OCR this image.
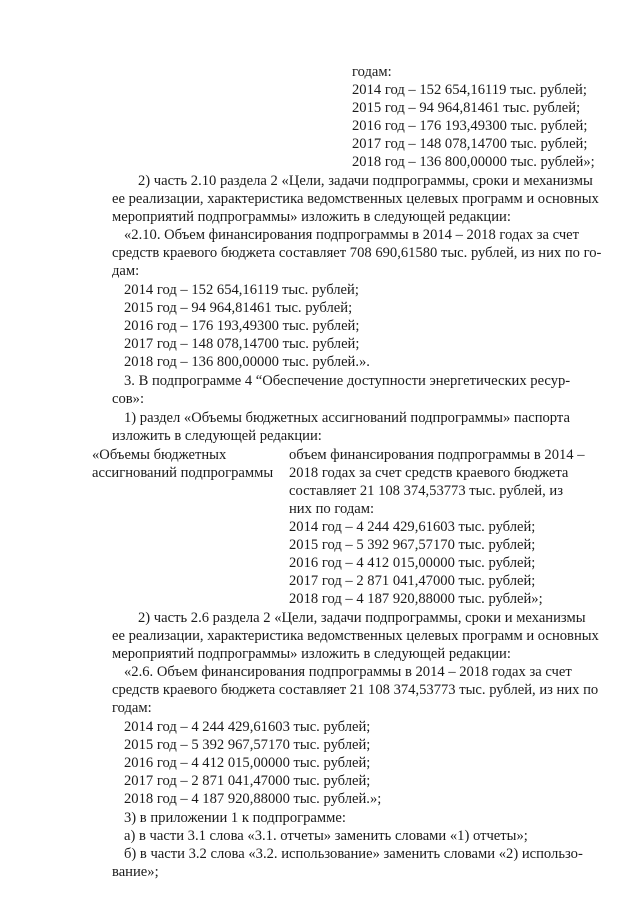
годам:
2014 год – 152 654,16119 тыс. рублей;
2015 год – 94 964,81461 тыс. рублей;
2016 год – 176 193,49300 тыс. рублей;
2017 год – 148 078,14700 тыс. рублей;
2018 год – 136 800,00000 тыс. рублей»;
2) часть 2.10 раздела 2 «Цели, задачи подпрограммы, сроки и механизмы
ее реализации, характеристика ведомственных целевых программ и основных
мероприятий подпрограммы» изложить в следующей редакции:
«2.10. Объем финансирования подпрограммы в 2014 – 2018 годах за счет
средств краевого бюджета составляет 708 690,61580 тыс. рублей, из них по го-
дам:
2014 год – 152 654,16119 тыс. рублей;
2015 год – 94 964,81461 тыс. рублей;
2016 год – 176 193,49300 тыс. рублей;
2017 год – 148 078,14700 тыс. рублей;
2018 год – 136 800,00000 тыс. рублей.».
3. В подпрограмме 4 “Обеспечение доступности энергетических ресур-
сов»:
1) раздел «Объемы бюджетных ассигнований подпрограммы» паспорта
изложить в следующей редакции:
«Объемы бюджетных
ассигнований подпрограммы
объем финансирования подпрограммы в 2014 –
2018 годах за счет средств краевого бюджета
составляет 21 108 374,53773 тыс. рублей, из
них по годам:
2014 год – 4 244 429,61603 тыс. рублей;
2015 год – 5 392 967,57170 тыс. рублей;
2016 год – 4 412 015,00000 тыс. рублей;
2017 год – 2 871 041,47000 тыс. рублей;
2018 год – 4 187 920,88000 тыс. рублей»;
2) часть 2.6 раздела 2 «Цели, задачи подпрограммы, сроки и механизмы
ее реализации, характеристика ведомственных целевых программ и основных
мероприятий подпрограммы» изложить в следующей редакции:
«2.6. Объем финансирования подпрограммы в 2014 – 2018 годах за счет
средств краевого бюджета составляет 21 108 374,53773 тыс. рублей, из них по
годам:
2014 год – 4 244 429,61603 тыс. рублей;
2015 год – 5 392 967,57170 тыс. рублей;
2016 год – 4 412 015,00000 тыс. рублей;
2017 год – 2 871 041,47000 тыс. рублей;
2018 год – 4 187 920,88000 тыс. рублей.»;
3) в приложении 1 к подпрограмме:
а) в части 3.1 слова «3.1. отчеты» заменить словами «1) отчеты»;
б) в части 3.2 слова «3.2. использование» заменить словами «2) использо-
вание»;
